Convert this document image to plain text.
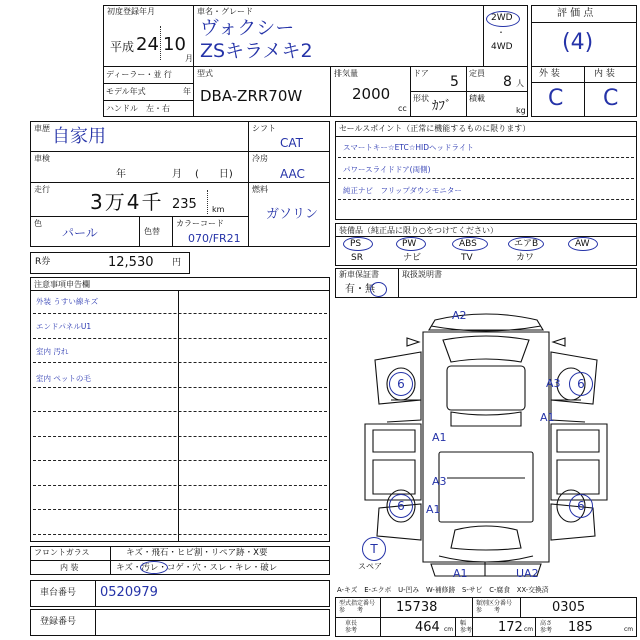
初度登録年月
平成 24 10
月
車名・グレード
ヴォクシー
ZSキラメキ2
2WD
・
4WD
ディーラー・並 行
モデル年式	年
ハンドル　左・右
型式
DBA-ZRR70W
排気量
2000
cc
ドア
5
定員
8 人
形状
ｶﾌﾞ
積載
kg
評 価 点
(4)
外 装	内 装
C C
車歴 自家用
車検
年	月 (　　日)
走行
3万4千 235 km
色
パール	色替
カラーコード
070/FR21
シフト
CAT
冷房
AAC
燃料
ガソリン
R券	12,530 円
セールスポイント（正常に機能するものに限ります）
スマートキー☆ETC☆HIDヘッドライト
パワースライドドア(両側)
純正ナビ　フリップダウンモニター
装備品（純正品に限り○をつけてください）
PS	PW	ABS	エアB	AW
SR	ナビ	TV	カワ
新車保証書
有・無
取扱説明書
注意事項申告欄
外装 うすい線キズ
エンドパネルU1
室内 汚れ
室内 ペットの毛	6	6
6	6
A2
A3
A1
A1
A3
A1
A1	UA2
T
スペア
A-キズ　E-エクボ　U-凹み　W-補修跡　S-サビ　C-腐食　XX-交換済
フロントガラス	キズ・飛石・ヒビ割・リペア跡・X要
内 装	キズ・汚レ・コゲ・穴・スレ・キレ・破レ
車台番号 0520979
登録番号
型式指定番号
参　　考	15738	類別区分番号
参　　考	0305
車長
参考	464 cm
幅
参考 172 cm
高さ
参考 185	cm
